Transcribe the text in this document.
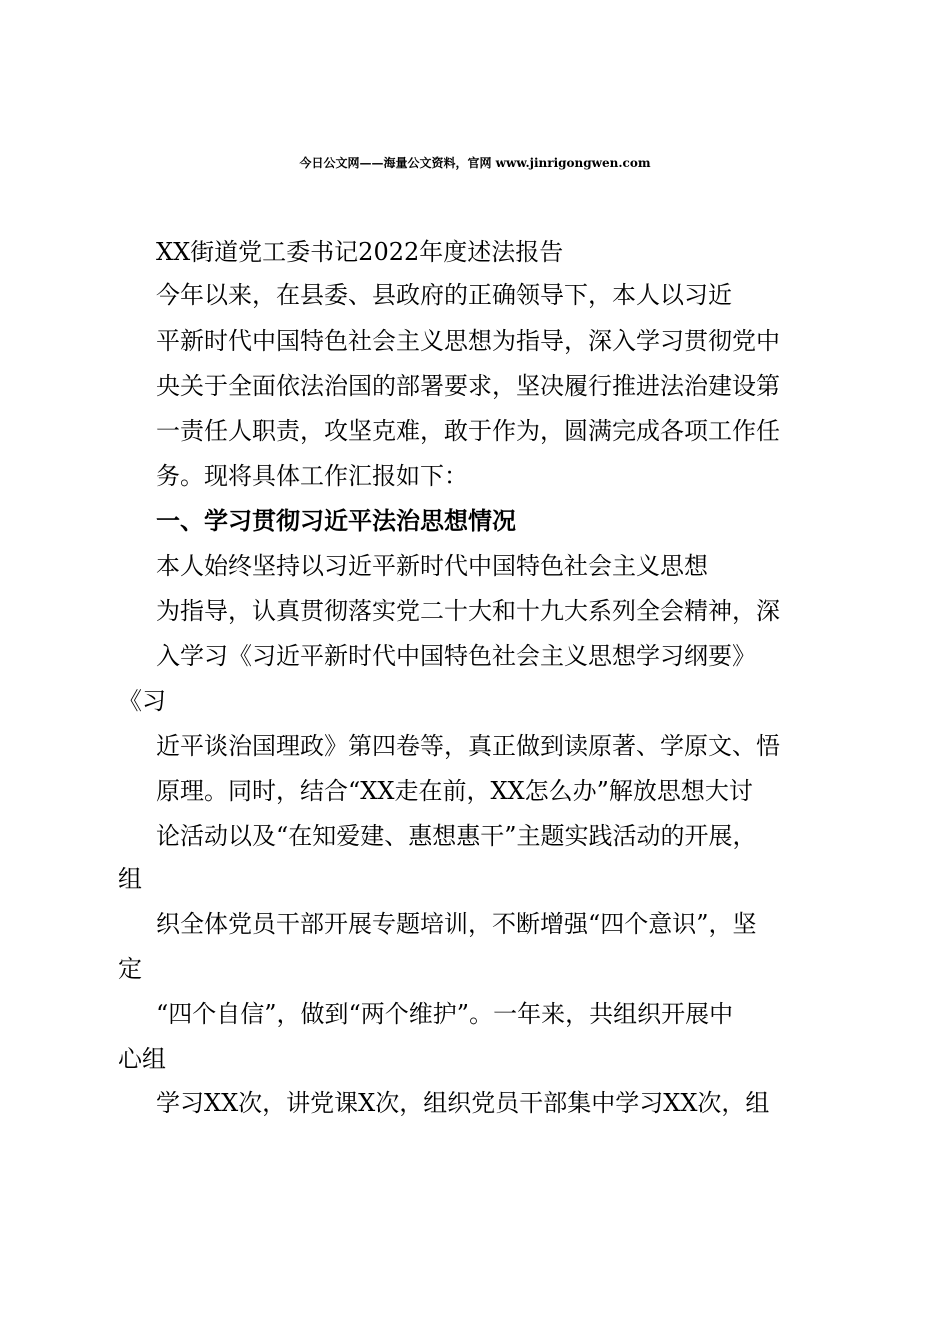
今日公文网——海量公文资料，官网 www.jinrigongwen.com
XX街道党工委书记2022年度述法报告
今年以来，在县委、县政府的正确领导下，本人以习近
平新时代中国特色社会主义思想为指导，深入学习贯彻党中
央关于全面依法治国的部署要求，坚决履行推进法治建设第
一责任人职责，攻坚克难，敢于作为，圆满完成各项工作任
务。现将具体工作汇报如下：
一、学习贯彻习近平法治思想情况
本人始终坚持以习近平新时代中国特色社会主义思想
为指导，认真贯彻落实党二十大和十九大系列全会精神，深
入学习《习近平新时代中国特色社会主义思想学习纲要》
《习
近平谈治国理政》第四卷等，真正做到读原著、学原文、悟
原理。同时，结合“XX走在前，XX怎么办”解放思想大讨
论活动以及“在知爱建、惠想惠干”主题实践活动的开展，
组
织全体党员干部开展专题培训，不断增强“四个意识”，坚
定
“四个自信”，做到“两个维护”。一年来，共组织开展中
心组
学习XX次，讲党课X次，组织党员干部集中学习XX次，组
